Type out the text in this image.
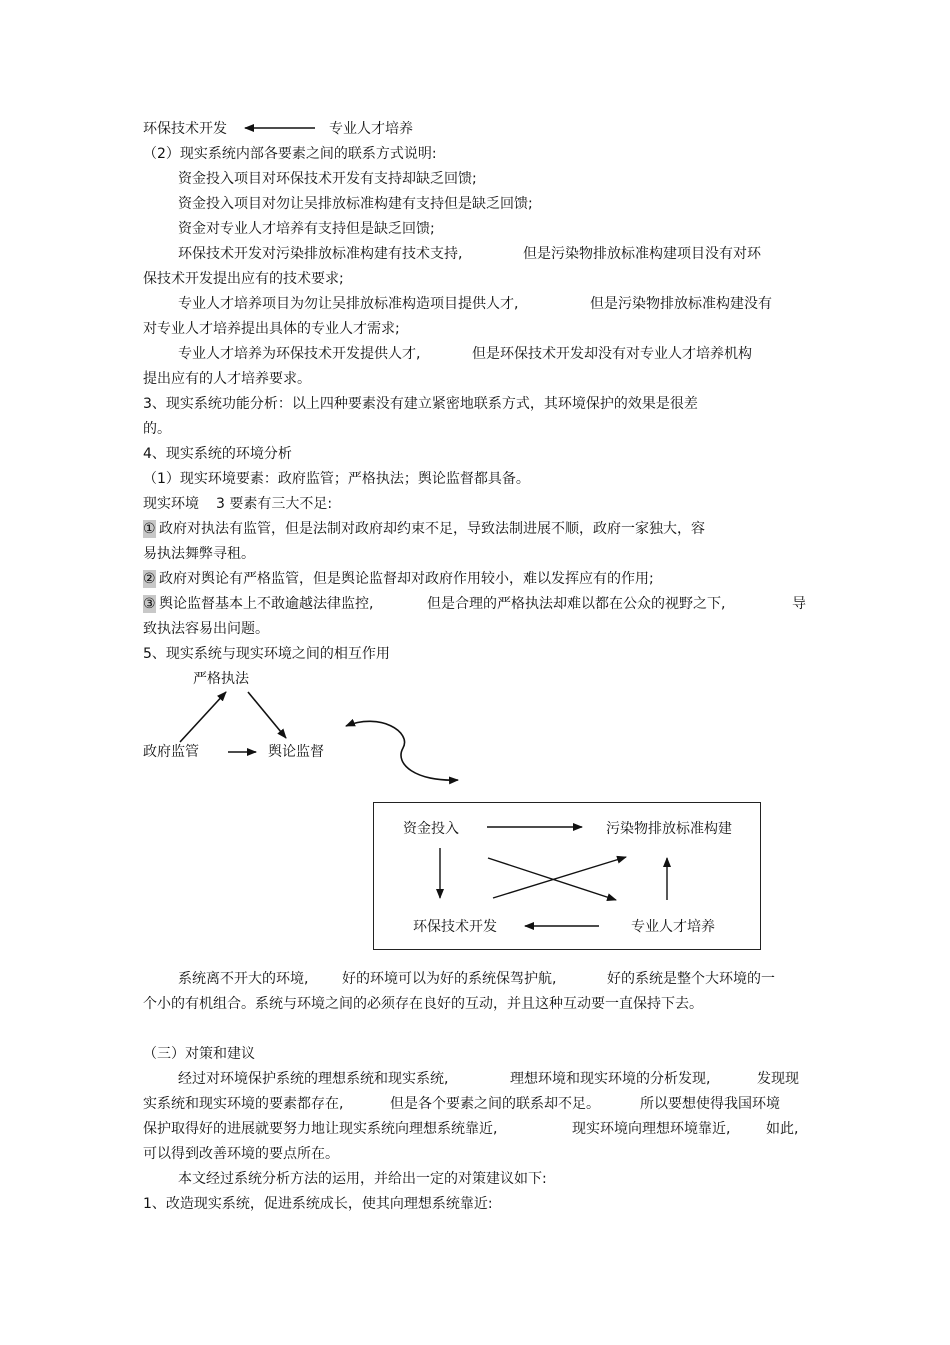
环保技术开发	专业人才培养
（2）现实系统内部各要素之间的联系方式说明:
资金投入项目对环保技术开发有支持却缺乏回馈;
资金投入项目对勿让吴排放标准构建有支持但是缺乏回馈;
资金对专业人才培养有支持但是缺乏回馈;
环保技术开发对污染排放标准构建有技术支持,	但是污染物排放标准构建项目没有对环
保技术开发提出应有的技术要求;
专业人才培养项目为勿让吴排放标准构造项目提供人才,	但是污染物排放标准构建没有
对专业人才培养提出具体的专业人才需求;
专业人才培养为环保技术开发提供人才,	但是环保技术开发却没有对专业人才培养机构
提出应有的人才培养要求。
3、现实系统功能分析：以上四种要素没有建立紧密地联系方式，其环境保护的效果是很差
的。
4、现实系统的环境分析
（1）现实环境要素：政府监管；严格执法；舆论监督都具备。
现实环境 3 要素有三大不足:
① 政府对执法有监管，但是法制对政府却约束不足，导致法制进展不顺，政府一家独大，容
易执法舞弊寻租。
② 政府对舆论有严格监管，但是舆论监督却对政府作用较小，难以发挥应有的作用;
③ 舆论监督基本上不敢逾越法律监控,	但是合理的严格执法却难以都在公众的视野之下,	导
致执法容易出问题。
5、现实系统与现实环境之间的相互作用
严格执法
政府监管	舆论监督
资金投入	污染物排放标准构建
环保技术开发	专业人才培养
系统离不开大的环境, 好的环境可以为好的系统保驾护航,	好的系统是整个大环境的一
个小的有机组合。系统与环境之间的必须存在良好的互动，并且这种互动要一直保持下去。
（三）对策和建议
经过对环境保护系统的理想系统和现实系统,	理想环境和现实环境的分析发现,	发现现
实系统和现实环境的要素都存在,	但是各个要素之间的联系却不足。	所以要想使得我国环境
保护取得好的进展就要努力地让现实系统向理想系统靠近,	现实环境向理想环境靠近,	如此,
可以得到改善环境的要点所在。
本文经过系统分析方法的运用，并给出一定的对策建议如下:
1、改造现实系统，促进系统成长，使其向理想系统靠近:
